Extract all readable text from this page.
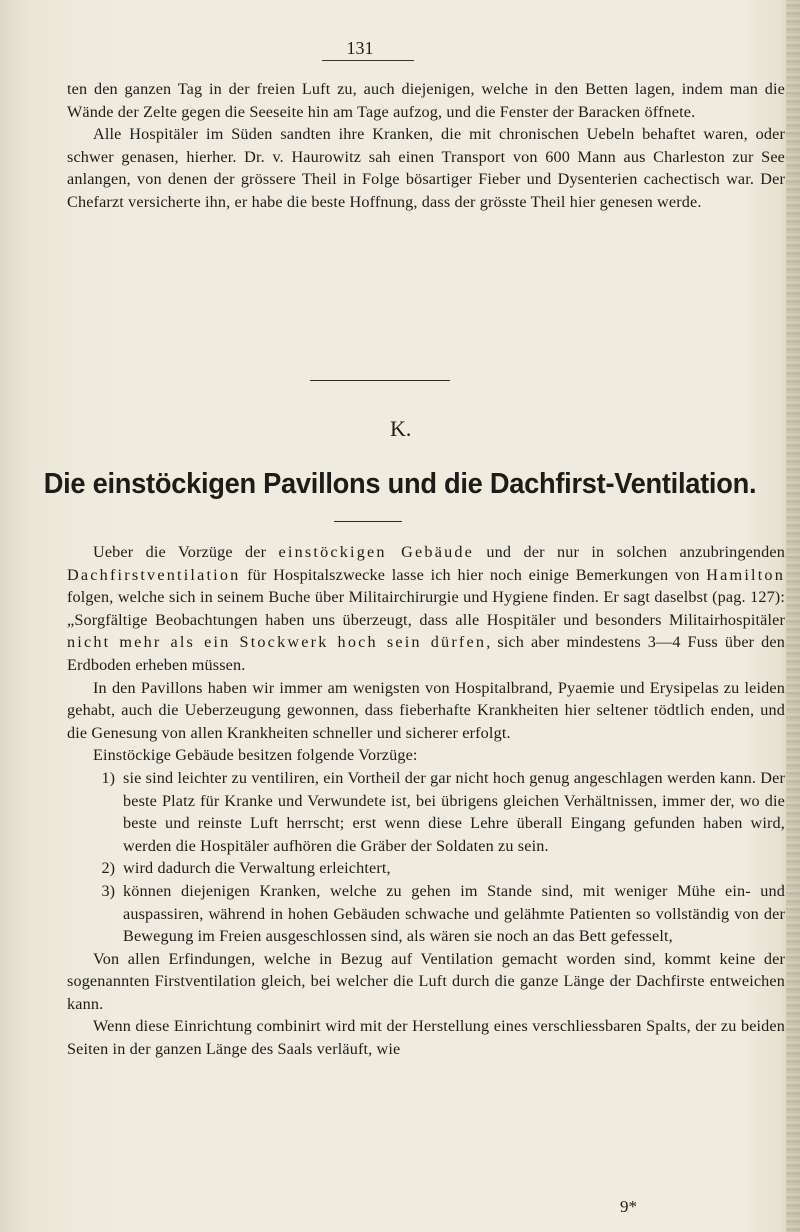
131

ten den ganzen Tag in der freien Luft zu, auch diejenigen, welche in den Betten lagen, indem man die Wände der Zelte gegen die Seeseite hin am Tage aufzog, und die Fenster der Baracken öffnete.

Alle Hospitäler im Süden sandten ihre Kranken, die mit chronischen Uebeln behaftet waren, oder schwer genasen, hierher. Dr. v. Haurowitz sah einen Transport von 600 Mann aus Charleston zur See anlangen, von denen der grössere Theil in Folge bösartiger Fieber und Dysenterien cachectisch war. Der Chefarzt versicherte ihn, er habe die beste Hoffnung, dass der grösste Theil hier genesen werde.

K.
Die einstöckigen Pavillons und die Dachfirst-Ventilation.

Ueber die Vorzüge der einstöckigen Gebäude und der nur in solchen anzubringenden Dachfirstventilation für Hospitalszwecke lasse ich hier noch einige Bemerkungen von Hamilton folgen, welche sich in seinem Buche über Militairchirurgie und Hygiene finden. Er sagt daselbst (pag. 127): „Sorgfältige Beobachtungen haben uns überzeugt, dass alle Hospitäler und besonders Militairhospitäler nicht mehr als ein Stockwerk hoch sein dürfen, sich aber mindestens 3—4 Fuss über den Erdboden erheben müssen.

In den Pavillons haben wir immer am wenigsten von Hospitalbrand, Pyaemie und Erysipelas zu leiden gehabt, auch die Ueberzeugung gewonnen, dass fieberhafte Krankheiten hier seltener tödtlich enden, und die Genesung von allen Krankheiten schneller und sicherer erfolgt.

Einstöckige Gebäude besitzen folgende Vorzüge:

1) sie sind leichter zu ventiliren, ein Vortheil der gar nicht hoch genug angeschlagen werden kann. Der beste Platz für Kranke und Verwundete ist, bei übrigens gleichen Verhältnissen, immer der, wo die beste und reinste Luft herrscht; erst wenn diese Lehre überall Eingang gefunden haben wird, werden die Hospitäler aufhören die Gräber der Soldaten zu sein.
2) wird dadurch die Verwaltung erleichtert,
3) können diejenigen Kranken, welche zu gehen im Stande sind, mit weniger Mühe ein- und auspassiren, während in hohen Gebäuden schwache und gelähmte Patienten so vollständig von der Bewegung im Freien ausgeschlossen sind, als wären sie noch an das Bett gefesselt,

Von allen Erfindungen, welche in Bezug auf Ventilation gemacht worden sind, kommt keine der sogenannten Firstventilation gleich, bei welcher die Luft durch die ganze Länge der Dachfirste entweichen kann.

Wenn diese Einrichtung combinirt wird mit der Herstellung eines verschliessbaren Spalts, der zu beiden Seiten in der ganzen Länge des Saals verläuft, wie

9*
